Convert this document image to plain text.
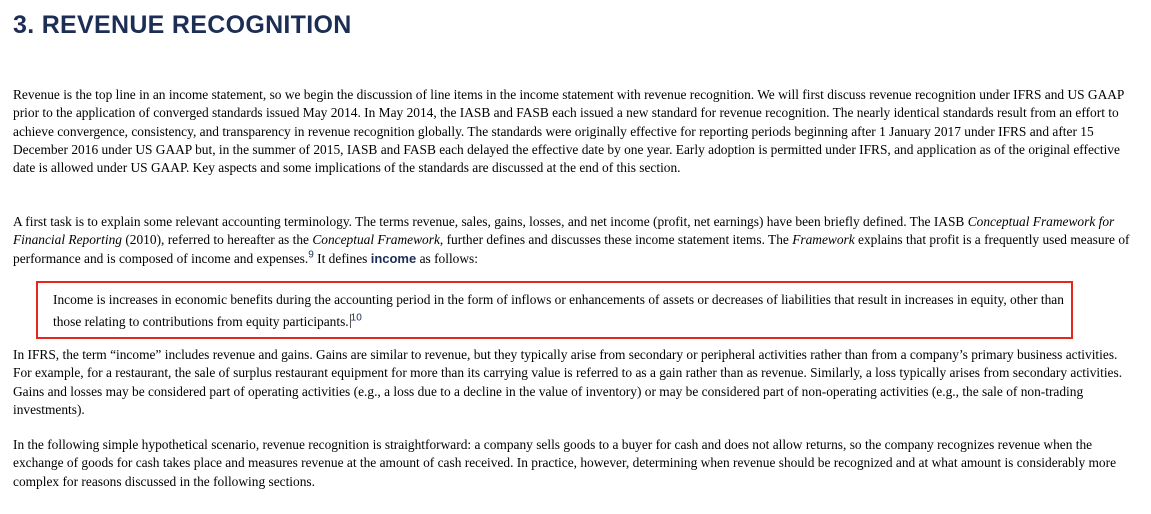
3. REVENUE RECOGNITION

Revenue is the top line in an income statement, so we begin the discussion of line items in the income statement with revenue recognition. We will first discuss revenue recognition under IFRS and US GAAP prior to the application of converged standards issued May 2014. In May 2014, the IASB and FASB each issued a new standard for revenue recognition. The nearly identical standards result from an effort to achieve convergence, consistency, and transparency in revenue recognition globally. The standards were originally effective for reporting periods beginning after 1 January 2017 under IFRS and after 15 December 2016 under US GAAP but, in the summer of 2015, IASB and FASB each delayed the effective date by one year. Early adoption is permitted under IFRS, and application as of the original effective date is allowed under US GAAP. Key aspects and some implications of the standards are discussed at the end of this section.

A first task is to explain some relevant accounting terminology. The terms revenue, sales, gains, losses, and net income (profit, net earnings) have been briefly defined. The IASB Conceptual Framework for Financial Reporting (2010), referred to hereafter as the Conceptual Framework, further defines and discusses these income statement items. The Framework explains that profit is a frequently used measure of performance and is composed of income and expenses.$^9$ It defines income as follows:

Income is increases in economic benefits during the accounting period in the form of inflows or enhancements of assets or decreases of liabilities that result in increases in equity, other than those relating to contributions from equity participants. $^{10}$

In IFRS, the term “income” includes revenue and gains. Gains are similar to revenue, but they typically arise from secondary or peripheral activities rather than from a company’s primary business activities. For example, for a restaurant, the sale of surplus restaurant equipment for more than its carrying value is referred to as a gain rather than as revenue. Similarly, a loss typically arises from secondary activities. Gains and losses may be considered part of operating activities (e.g., a loss due to a decline in the value of inventory) or may be considered part of non-operating activities (e.g., the sale of non-trading investments).

In the following simple hypothetical scenario, revenue recognition is straightforward: a company sells goods to a buyer for cash and does not allow returns, so the company recognizes revenue when the exchange of goods for cash takes place and measures revenue at the amount of cash received. In practice, however, determining when revenue should be recognized and at what amount is considerably more complex for reasons discussed in the following sections.
